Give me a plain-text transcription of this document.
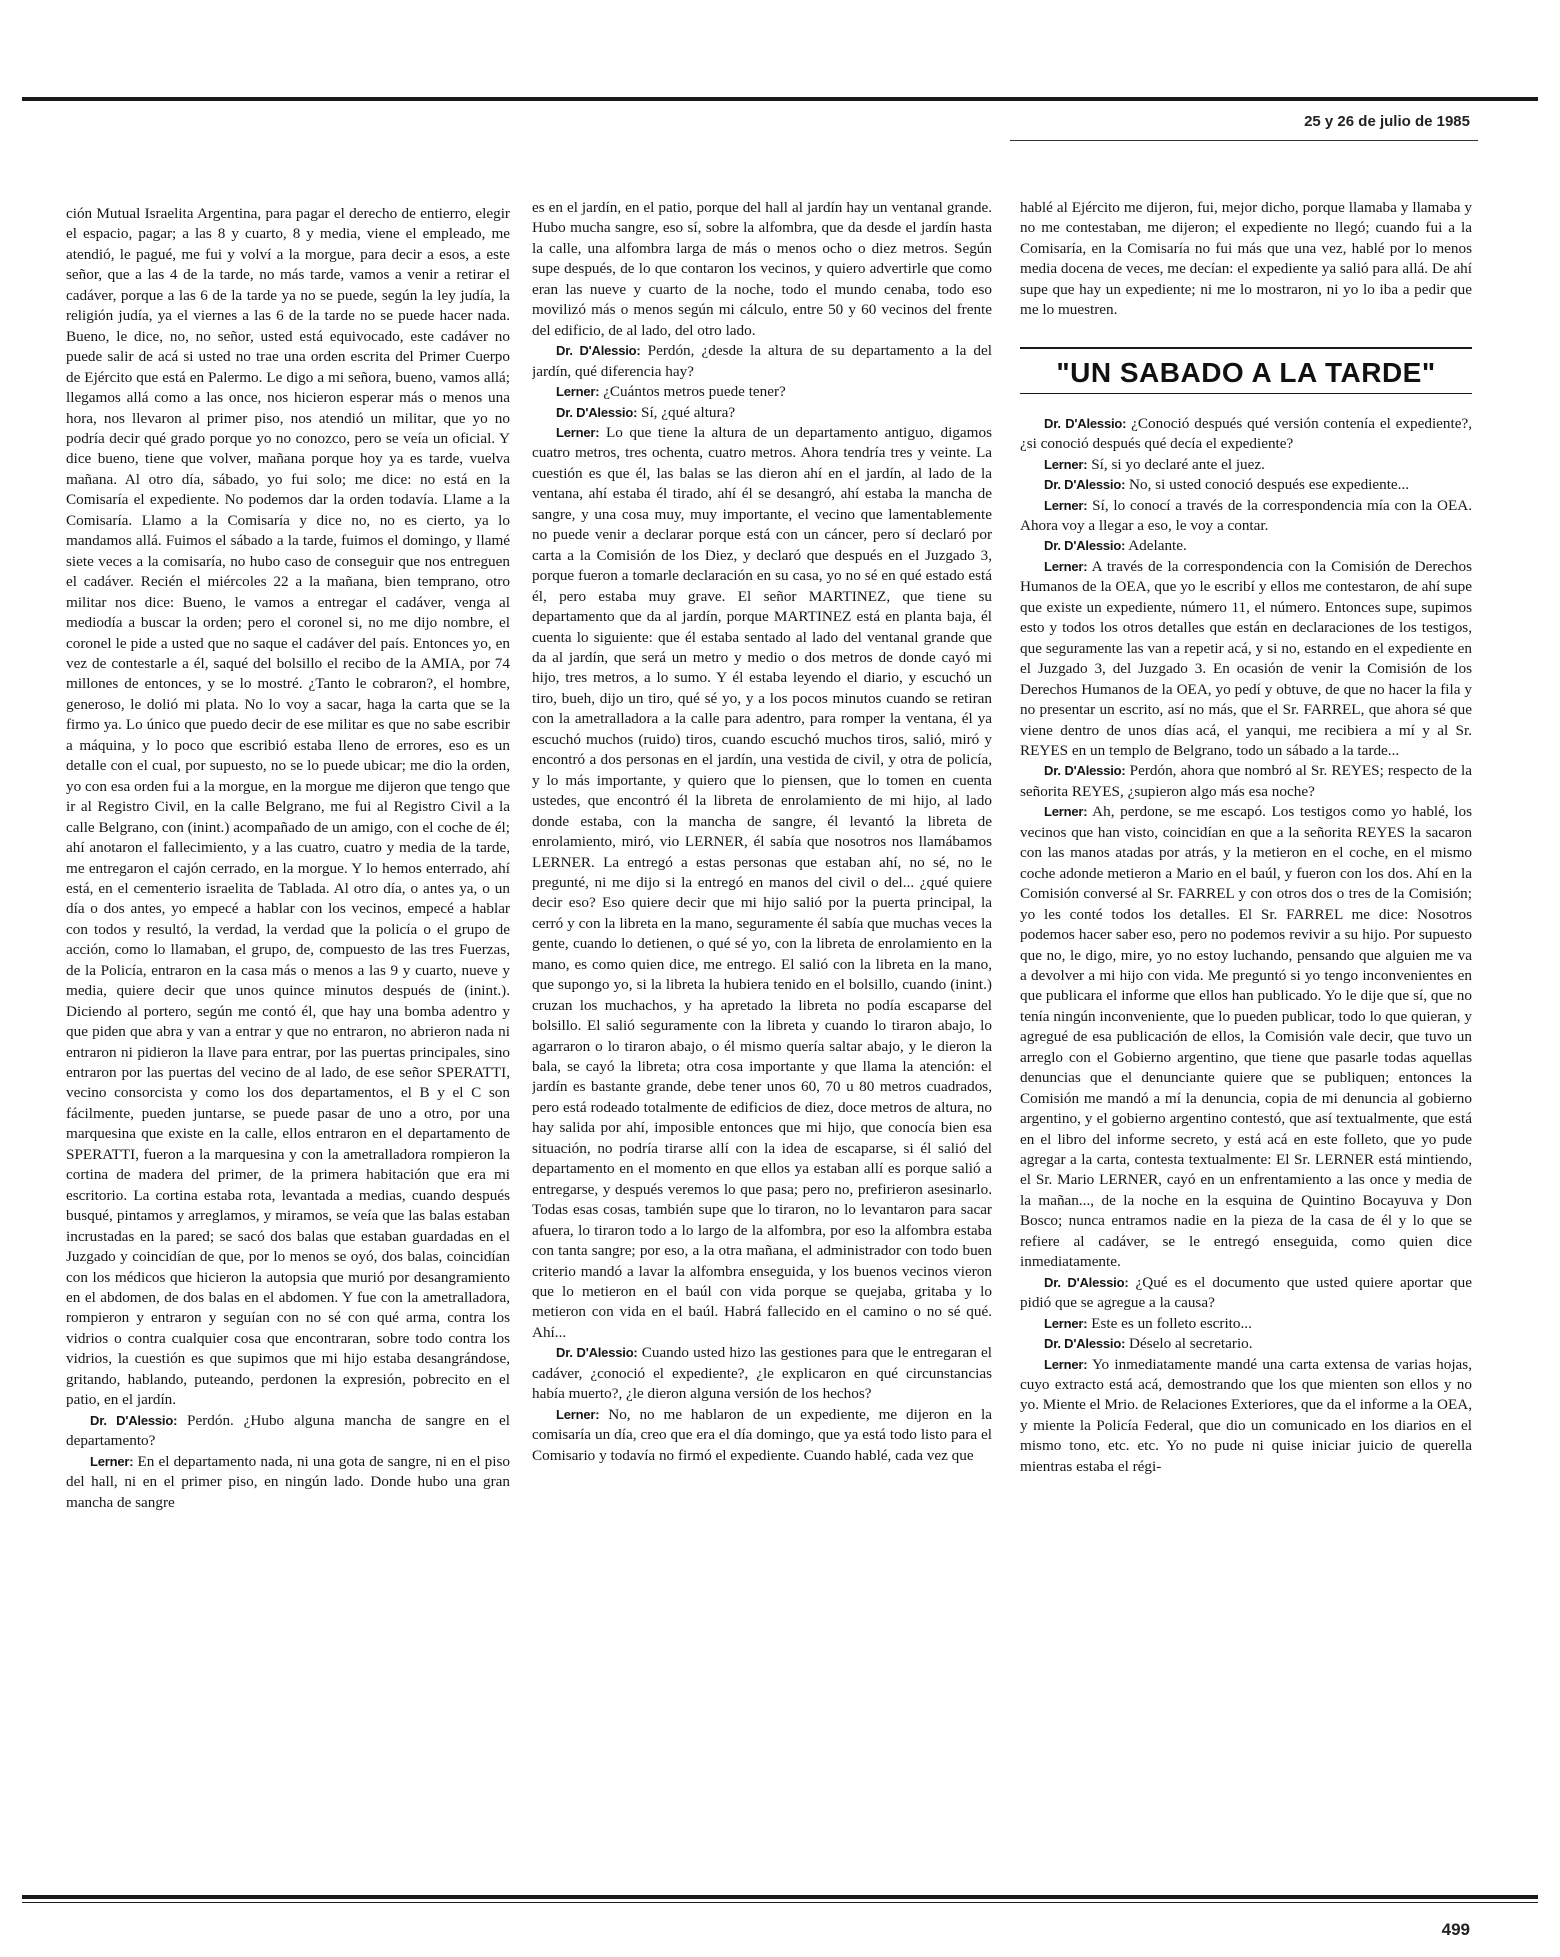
25 y 26 de julio de 1985

ción Mutual Israelita Argentina, para pagar el derecho de entierro, elegir el espacio, pagar; a las 8 y cuarto, 8 y media, viene el empleado, me atendió, le pagué, me fui y volví a la morgue, para decir a esos, a este señor, que a las 4 de la tarde, no más tarde, vamos a venir a retirar el cadáver, porque a las 6 de la tarde ya no se puede, según la ley judía, la religión judía, ya el viernes a las 6 de la tarde no se puede hacer nada. Bueno, le dice, no, no señor, usted está equivocado, este cadáver no puede salir de acá si usted no trae una orden escrita del Primer Cuerpo de Ejército que está en Palermo. Le digo a mi señora, bueno, vamos allá; llegamos allá como a las once, nos hicieron esperar más o menos una hora, nos llevaron al primer piso, nos atendió un militar, que yo no podría decir qué grado porque yo no conozco, pero se veía un oficial. Y dice bueno, tiene que volver, mañana porque hoy ya es tarde, vuelva mañana. Al otro día, sábado, yo fui solo; me dice: no está en la Comisaría el expediente. No podemos dar la orden todavía. Llame a la Comisaría. Llamo a la Comisaría y dice no, no es cierto, ya lo mandamos allá. Fuimos el sábado a la tarde, fuimos el domingo, y llamé siete veces a la comisaría, no hubo caso de conseguir que nos entreguen el cadáver. Recién el miércoles 22 a la mañana, bien temprano, otro militar nos dice: Bueno, le vamos a entregar el cadáver, venga al mediodía a buscar la orden; pero el coronel si, no me dijo nombre, el coronel le pide a usted que no saque el cadáver del país. Entonces yo, en vez de contestarle a él, saqué del bolsillo el recibo de la AMIA, por 74 millones de entonces, y se lo mostré. ¿Tanto le cobraron?, el hombre, generoso, le dolió mi plata. No lo voy a sacar, haga la carta que se la firmo ya. Lo único que puedo decir de ese militar es que no sabe escribir a máquina, y lo poco que escribió estaba lleno de errores, eso es un detalle con el cual, por supuesto, no se lo puede ubicar; me dio la orden, yo con esa orden fui a la morgue, en la morgue me dijeron que tengo que ir al Registro Civil, en la calle Belgrano, me fui al Registro Civil a la calle Belgrano, con (inint.) acompañado de un amigo, con el coche de él; ahí anotaron el fallecimiento, y a las cuatro, cuatro y media de la tarde, me entregaron el cajón cerrado, en la morgue. Y lo hemos enterrado, ahí está, en el cementerio israelita de Tablada. Al otro día, o antes ya, o un día o dos antes, yo empecé a hablar con los vecinos, empecé a hablar con todos y resultó, la verdad, la verdad que la policía o el grupo de acción, como lo llamaban, el grupo, de, compuesto de las tres Fuerzas, de la Policía, entraron en la casa más o menos a las 9 y cuarto, nueve y media, quiere decir que unos quince minutos después de (inint.). Diciendo al portero, según me contó él, que hay una bomba adentro y que piden que abra y van a entrar y que no entraron, no abrieron nada ni entraron ni pidieron la llave para entrar, por las puertas principales, sino entraron por las puertas del vecino de al lado, de ese señor SPERATTI, vecino consorcista y como los dos departamentos, el B y el C son fácilmente, pueden juntarse, se puede pasar de uno a otro, por una marquesina que existe en la calle, ellos entraron en el departamento de SPERATTI, fueron a la marquesina y con la ametralladora rompieron la cortina de madera del primer, de la primera habitación que era mi escritorio. La cortina estaba rota, levantada a medias, cuando después busqué, pintamos y arreglamos, y miramos, se veía que las balas estaban incrustadas en la pared; se sacó dos balas que estaban guardadas en el Juzgado y coincidían de que, por lo menos se oyó, dos balas, coincidían con los médicos que hicieron la autopsia que murió por desangramiento en el abdomen, de dos balas en el abdomen. Y fue con la ametralladora, rompieron y entraron y seguían con no sé con qué arma, contra los vidrios o contra cualquier cosa que encontraran, sobre todo contra los vidrios, la cuestión es que supimos que mi hijo estaba desangrándose, gritando, hablando, puteando, perdonen la expresión, pobrecito en el patio, en el jardín.

Dr. D'Alessio: Perdón. ¿Hubo alguna mancha de sangre en el departamento?

Lerner: En el departamento nada, ni una gota de sangre, ni en el piso del hall, ni en el primer piso, en ningún lado. Donde hubo una gran mancha de sangre

es en el jardín, en el patio, porque del hall al jardín hay un ventanal grande. Hubo mucha sangre, eso sí, sobre la alfombra, que da desde el jardín hasta la calle, una alfombra larga de más o menos ocho o diez metros. Según supe después, de lo que contaron los vecinos, y quiero advertirle que como eran las nueve y cuarto de la noche, todo el mundo cenaba, todo eso movilizó más o menos según mi cálculo, entre 50 y 60 vecinos del frente del edificio, de al lado, del otro lado.

Dr. D'Alessio: Perdón, ¿desde la altura de su departamento a la del jardín, qué diferencia hay?

Lerner: ¿Cuántos metros puede tener?

Dr. D'Alessio: Sí, ¿qué altura?

Lerner: Lo que tiene la altura de un departamento antiguo, digamos cuatro metros, tres ochenta, cuatro metros. Ahora tendría tres y veinte. La cuestión es que él, las balas se las dieron ahí en el jardín, al lado de la ventana, ahí estaba él tirado, ahí él se desangró, ahí estaba la mancha de sangre, y una cosa muy, muy importante, el vecino que lamentablemente no puede venir a declarar porque está con un cáncer, pero sí declaró por carta a la Comisión de los Diez, y declaró que después en el Juzgado 3, porque fueron a tomarle declaración en su casa, yo no sé en qué estado está él, pero estaba muy grave. El señor MARTINEZ, que tiene su departamento que da al jardín, porque MARTINEZ está en planta baja, él cuenta lo siguiente: que él estaba sentado al lado del ventanal grande que da al jardín, que será un metro y medio o dos metros de donde cayó mi hijo, tres metros, a lo sumo. Y él estaba leyendo el diario, y escuchó un tiro, bueh, dijo un tiro, qué sé yo, y a los pocos minutos cuando se retiran con la ametralladora a la calle para adentro, para romper la ventana, él ya escuchó muchos (ruido) tiros, cuando escuchó muchos tiros, salió, miró y encontró a dos personas en el jardín, una vestida de civil, y otra de policía, y lo más importante, y quiero que lo piensen, que lo tomen en cuenta ustedes, que encontró él la libreta de enrolamiento de mi hijo, al lado donde estaba, con la mancha de sangre, él levantó la libreta de enrolamiento, miró, vio LERNER, él sabía que nosotros nos llamábamos LERNER. La entregó a estas personas que estaban ahí, no sé, no le pregunté, ni me dijo si la entregó en manos del civil o del... ¿qué quiere decir eso? Eso quiere decir que mi hijo salió por la puerta principal, la cerró y con la libreta en la mano, seguramente él sabía que muchas veces la gente, cuando lo detienen, o qué sé yo, con la libreta de enrolamiento en la mano, es como quien dice, me entrego. El salió con la libreta en la mano, que supongo yo, si la libreta la hubiera tenido en el bolsillo, cuando (inint.) cruzan los muchachos, y ha apretado la libreta no podía escaparse del bolsillo. El salió seguramente con la libreta y cuando lo tiraron abajo, lo agarraron o lo tiraron abajo, o él mismo quería saltar abajo, y le dieron la bala, se cayó la libreta; otra cosa importante y que llama la atención: el jardín es bastante grande, debe tener unos 60, 70 u 80 metros cuadrados, pero está rodeado totalmente de edificios de diez, doce metros de altura, no hay salida por ahí, imposible entonces que mi hijo, que conocía bien esa situación, no podría tirarse allí con la idea de escaparse, si él salió del departamento en el momento en que ellos ya estaban allí es porque salió a entregarse, y después veremos lo que pasa; pero no, prefirieron asesinarlo. Todas esas cosas, también supe que lo tiraron, no lo levantaron para sacar afuera, lo tiraron todo a lo largo de la alfombra, por eso la alfombra estaba con tanta sangre; por eso, a la otra mañana, el administrador con todo buen criterio mandó a lavar la alfombra enseguida, y los buenos vecinos vieron que lo metieron en el baúl con vida porque se quejaba, gritaba y lo metieron con vida en el baúl. Habrá fallecido en el camino o no sé qué. Ahí...

Dr. D'Alessio: Cuando usted hizo las gestiones para que le entregaran el cadáver, ¿conoció el expediente?, ¿le explicaron en qué circunstancias había muerto?, ¿le dieron alguna versión de los hechos?

Lerner: No, no me hablaron de un expediente, me dijeron en la comisaría un día, creo que era el día domingo, que ya está todo listo para el Comisario y todavía no firmó el expediente. Cuando hablé, cada vez que

hablé al Ejército me dijeron, fui, mejor dicho, porque llamaba y llamaba y no me contestaban, me dijeron; el expediente no llegó; cuando fui a la Comisaría, en la Comisaría no fui más que una vez, hablé por lo menos media docena de veces, me decían: el expediente ya salió para allá. De ahí supe que hay un expediente; ni me lo mostraron, ni yo lo iba a pedir que me lo muestren.

"UN SABADO A LA TARDE"

Dr. D'Alessio: ¿Conoció después qué versión contenía el expediente?, ¿si conoció después qué decía el expediente?

Lerner: Sí, si yo declaré ante el juez.

Dr. D'Alessio: No, si usted conoció después ese expediente...

Lerner: Sí, lo conocí a través de la correspondencia mía con la OEA. Ahora voy a llegar a eso, le voy a contar.

Dr. D'Alessio: Adelante.

Lerner: A través de la correspondencia con la Comisión de Derechos Humanos de la OEA, que yo le escribí y ellos me contestaron, de ahí supe que existe un expediente, número 11, el número. Entonces supe, supimos esto y todos los otros detalles que están en declaraciones de los testigos, que seguramente las van a repetir acá, y si no, estando en el expediente en el Juzgado 3, del Juzgado 3. En ocasión de venir la Comisión de los Derechos Humanos de la OEA, yo pedí y obtuve, de que no hacer la fila y no presentar un escrito, así no más, que el Sr. FARREL, que ahora sé que viene dentro de unos días acá, el yanqui, me recibiera a mí y al Sr. REYES en un templo de Belgrano, todo un sábado a la tarde...

Dr. D'Alessio: Perdón, ahora que nombró al Sr. REYES; respecto de la señorita REYES, ¿supieron algo más esa noche?

Lerner: Ah, perdone, se me escapó. Los testigos como yo hablé, los vecinos que han visto, coincidían en que a la señorita REYES la sacaron con las manos atadas por atrás, y la metieron en el coche, en el mismo coche adonde metieron a Mario en el baúl, y fueron con los dos. Ahí en la Comisión conversé al Sr. FARREL y con otros dos o tres de la Comisión; yo les conté todos los detalles. El Sr. FARREL me dice: Nosotros podemos hacer saber eso, pero no podemos revivir a su hijo. Por supuesto que no, le digo, mire, yo no estoy luchando, pensando que alguien me va a devolver a mi hijo con vida. Me preguntó si yo tengo inconvenientes en que publicara el informe que ellos han publicado. Yo le dije que sí, que no tenía ningún inconveniente, que lo pueden publicar, todo lo que quieran, y agregué de esa publicación de ellos, la Comisión vale decir, que tuvo un arreglo con el Gobierno argentino, que tiene que pasarle todas aquellas denuncias que el denunciante quiere que se publiquen; entonces la Comisión me mandó a mí la denuncia, copia de mi denuncia al gobierno argentino, y el gobierno argentino contestó, que así textualmente, que está en el libro del informe secreto, y está acá en este folleto, que yo pude agregar a la carta, contesta textualmente: El Sr. LERNER está mintiendo, el Sr. Mario LERNER, cayó en un enfrentamiento a las once y media de la mañan..., de la noche en la esquina de Quintino Bocayuva y Don Bosco; nunca entramos nadie en la pieza de la casa de él y lo que se refiere al cadáver, se le entregó enseguida, como quien dice inmediatamente.

Dr. D'Alessio: ¿Qué es el documento que usted quiere aportar que pidió que se agregue a la causa?

Lerner: Este es un folleto escrito...

Dr. D'Alessio: Déselo al secretario.

Lerner: Yo inmediatamente mandé una carta extensa de varias hojas, cuyo extracto está acá, demostrando que los que mienten son ellos y no yo. Miente el Mrio. de Relaciones Exteriores, que da el informe a la OEA, y miente la Policía Federal, que dio un comunicado en los diarios en el mismo tono, etc. etc. Yo no pude ni quise iniciar juicio de querella mientras estaba el régi-

499
